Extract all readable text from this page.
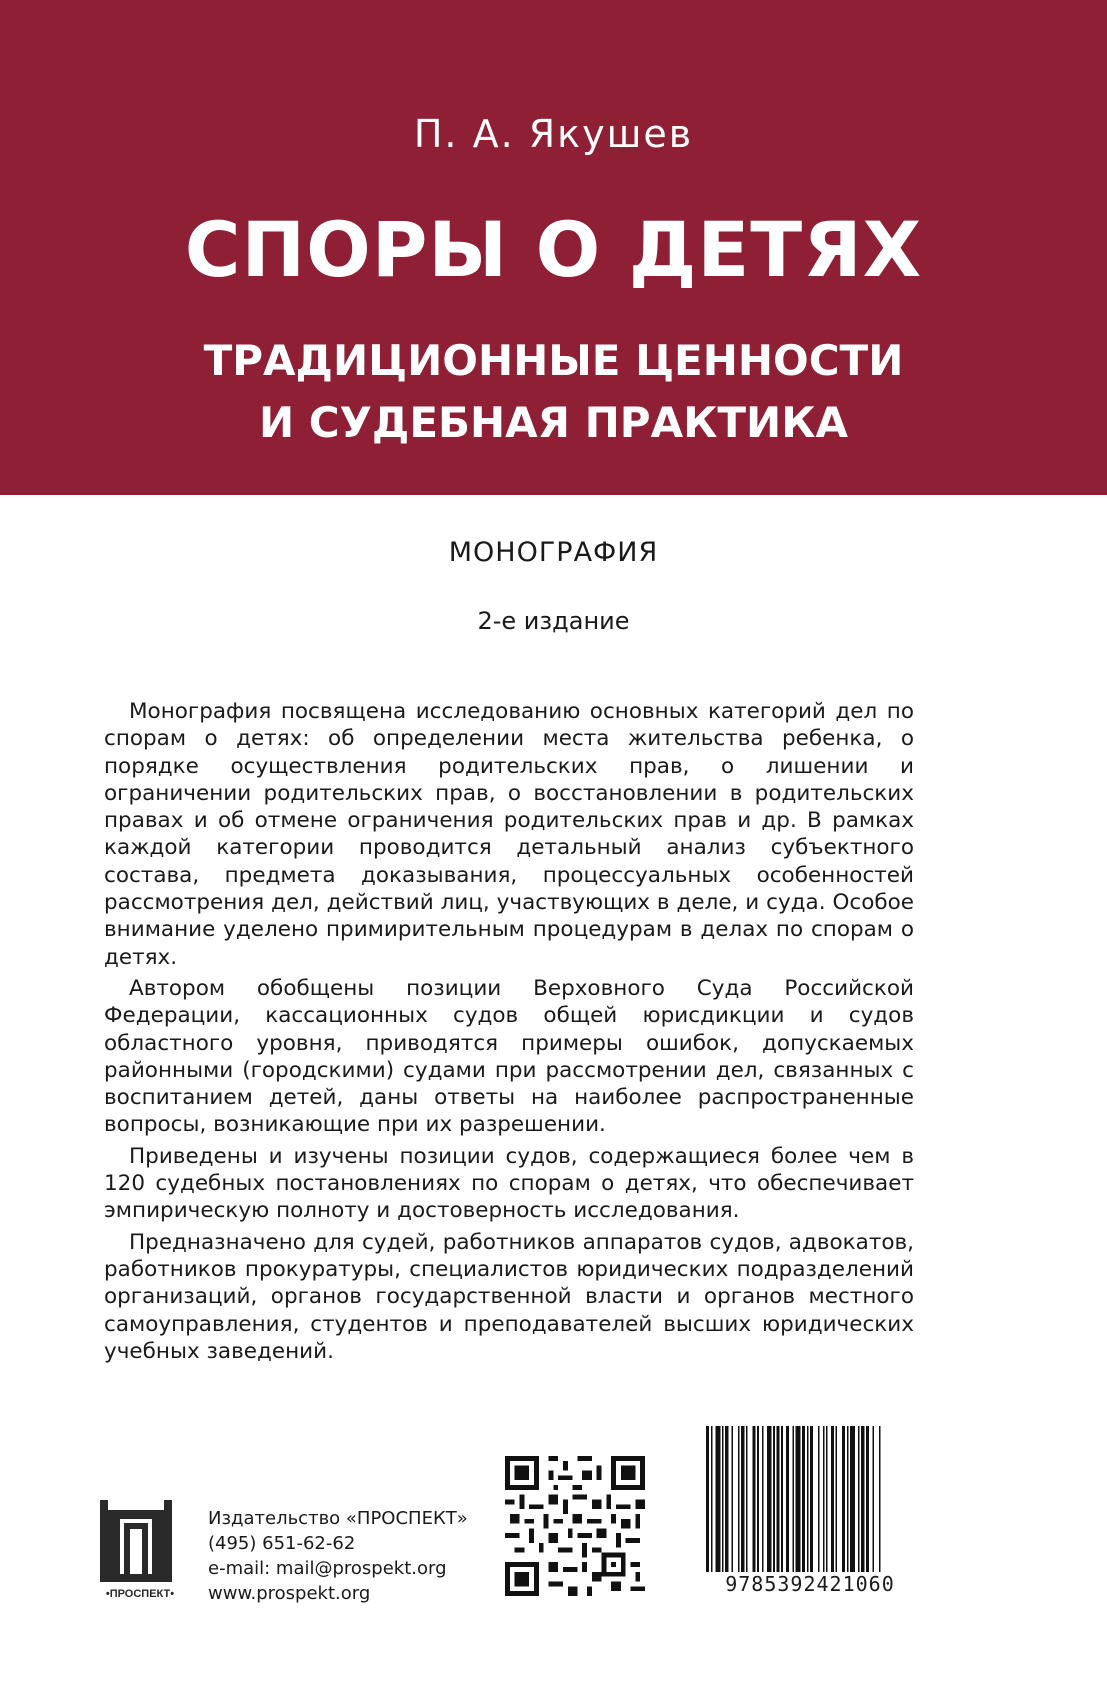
П. А. Якушев
СПОРЫ О ДЕТЯХ
ТРАДИЦИОННЫЕ ЦЕННОСТИ
И СУДЕБНАЯ ПРАКТИКА
МОНОГРАФИЯ
2-е издание

Монография посвящена исследованию основных категорий дел по спорам о детях: об определении места жительства ребенка, о порядке осуществления родительских прав, о лишении и ограничении родительских прав, о восстановлении в родительских правах и об отмене ограничения родительских прав и др. В рамках каждой категории проводится детальный анализ субъектного состава, предмета доказывания, процессуальных особенностей рассмотрения дел, действий лиц, участвующих в деле, и суда. Особое внимание уделено примирительным процедурам в делах по спорам о детях.

Автором обобщены позиции Верховного Суда Российской Федерации, кассационных судов общей юрисдикции и судов областного уровня, приводятся примеры ошибок, допускаемых районными (городскими) судами при рассмотрении дел, связанных с воспитанием детей, даны ответы на наиболее распространенные вопросы, возникающие при их разрешении.

Приведены и изучены позиции судов, содержащиеся более чем в 120 судебных постановлениях по спорам о детях, что обеспечивает эмпирическую полноту и достоверность исследования.

Предназначено для судей, работников аппаратов судов, адвокатов, работников прокуратуры, специалистов юридических подразделений организаций, органов государственной власти и органов местного самоуправления, студентов и преподавателей высших юридических учебных заведений.

•ПРОСПЕКТ•
Издательство «ПРОСПЕКТ»
(495) 651-62-62
e-mail: mail@prospekt.org
www.prospekt.org	9785392421060
